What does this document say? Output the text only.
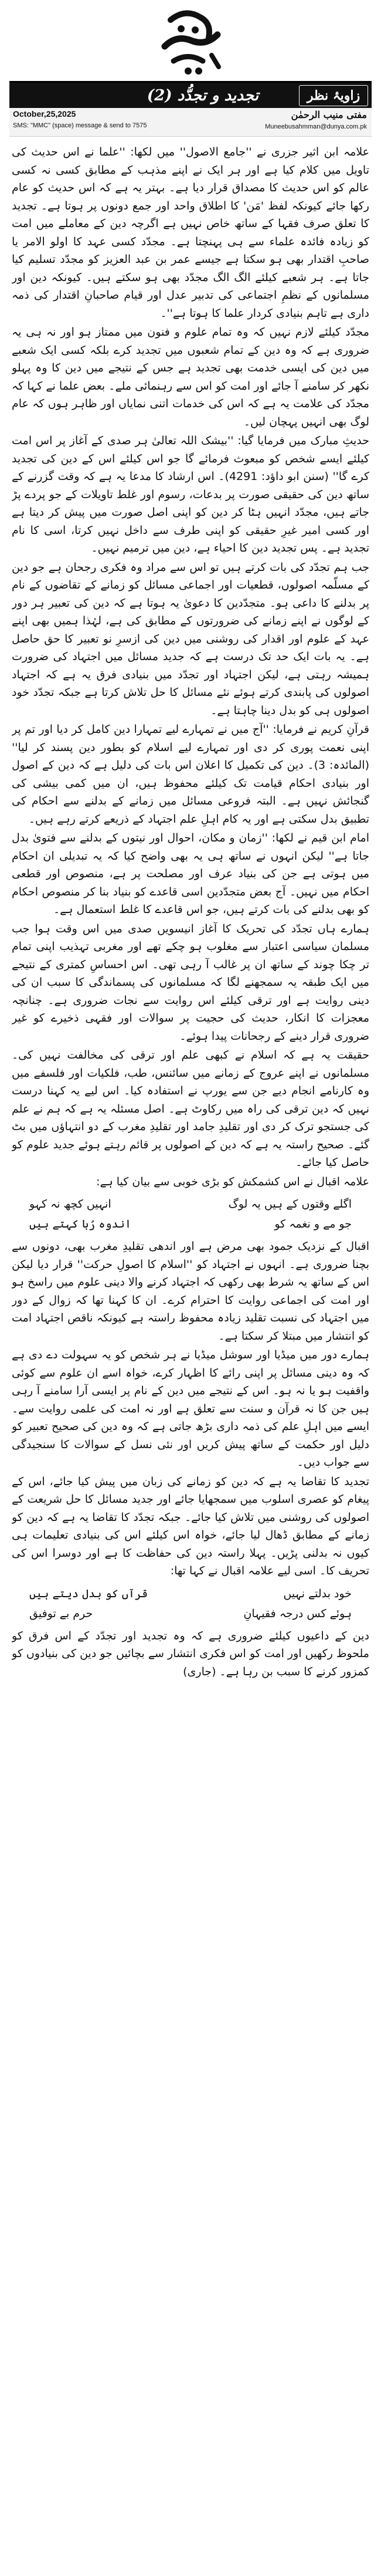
زاویۂ نظر
تجدید و تجدُّد (2)
October,25,2025
SMS: "MMC" (space) message & send to 7575
مفتی منیب الرحمٰن
Muneebusahmman@dunya.com.pk

علامہ ابن اثیر جزری نے ''جامع الاصول'' میں لکھا: ''علما نے اس حدیث کی تاویل میں کلام کیا ہے اور ہر ایک نے اپنے مذہب کے مطابق کسی نہ کسی عالم کو اس حدیث کا مصداق قرار دیا ہے۔ بہتر یہ ہے کہ اس حدیث کو عام رکھا جائے کیونکہ لفظ 'مَن' کا اطلاق واحد اور جمع دونوں پر ہوتا ہے۔ تجدید کا تعلق صرف فقہا کے ساتھ خاص نہیں ہے اگرچہ دین کے معاملے میں امت کو زیادہ فائدہ علماء سے ہی پہنچتا ہے۔ مجدّد کسی عہد کا اولو الامر یا صاحبِ اقتدار بھی ہو سکتا ہے جیسے عمر بن عبد العزیز کو مجدّد تسلیم کیا جاتا ہے۔ ہر شعبے کیلئے الگ الگ مجدّد بھی ہو سکتے ہیں۔ کیونکہ دین اور مسلمانوں کے نظمِ اجتماعی کی تدبیر عدل اور قیام صاحبانِ اقتدار کی ذمہ داری ہے تاہم بنیادی کردار علما کا ہوتا ہے''۔

مجدّد کیلئے لازم نہیں کہ وہ تمام علوم و فنون میں ممتاز ہو اور نہ ہی یہ ضروری ہے کہ وہ دین کے تمام شعبوں میں تجدید کرے بلکہ کسی ایک شعبے میں دین کی ایسی خدمت بھی تجدید ہے جس کے نتیجے میں دین کا وہ پہلو نکھر کر سامنے آ جائے اور امت کو اس سے رہنمائی ملے۔ بعض علما نے کہا کہ مجدّد کی علامت یہ ہے کہ اس کی خدمات اتنی نمایاں اور ظاہر ہوں کہ عام لوگ بھی انہیں پہچان لیں۔

حدیثِ مبارک میں فرمایا گیا: ''بیشک اللہ تعالیٰ ہر صدی کے آغاز پر اس امت کیلئے ایسے شخص کو مبعوث فرمائے گا جو اس کیلئے اس کے دین کی تجدید کرے گا'' (سنن ابو داؤد: 4291)۔ اس ارشاد کا مدعا یہ ہے کہ وقت گزرنے کے ساتھ دین کی حقیقی صورت پر بدعات، رسوم اور غلط تاویلات کے جو پردے پڑ جاتے ہیں، مجدّد انہیں ہٹا کر دین کو اپنی اصل صورت میں پیش کر دیتا ہے اور کسی امیر غیرِ حقیقی کو اپنی طرف سے داخل نہیں کرتا، اسی کا نام تجدید ہے۔ پس تجدید دین کا احیاء ہے، دین میں ترمیم نہیں۔

جب ہم تجدّد کی بات کرتے ہیں تو اس سے مراد وہ فکری رجحان ہے جو دین کے مسلّمہ اصولوں، قطعیات اور اجماعی مسائل کو زمانے کے تقاضوں کے نام پر بدلنے کا داعی ہو۔ متجدّدین کا دعویٰ یہ ہوتا ہے کہ دین کی تعبیر ہر دور کے لوگوں نے اپنے زمانے کی ضرورتوں کے مطابق کی ہے، لہٰذا ہمیں بھی اپنے عہد کے علوم اور اقدار کی روشنی میں دین کی ازسرِ نو تعبیر کا حق حاصل ہے۔ یہ بات ایک حد تک درست ہے کہ جدید مسائل میں اجتہاد کی ضرورت ہمیشہ رہتی ہے، لیکن اجتہاد اور تجدّد میں بنیادی فرق یہ ہے کہ اجتہاد اصولوں کی پابندی کرتے ہوئے نئے مسائل کا حل تلاش کرتا ہے جبکہ تجدّد خود اصولوں ہی کو بدل دینا چاہتا ہے۔

قرآنِ کریم نے فرمایا: ''آج میں نے تمہارے لیے تمہارا دین کامل کر دیا اور تم پر اپنی نعمت پوری کر دی اور تمہارے لیے اسلام کو بطور دین پسند کر لیا'' (المائدہ: 3)۔ دین کی تکمیل کا اعلان اس بات کی دلیل ہے کہ دین کے اصول اور بنیادی احکام قیامت تک کیلئے محفوظ ہیں، ان میں کمی بیشی کی گنجائش نہیں ہے۔ البتہ فروعی مسائل میں زمانے کے بدلنے سے احکام کی تطبیق بدل سکتی ہے اور یہ کام اہلِ علم اجتہاد کے ذریعے کرتے رہے ہیں۔

امام ابن قیم نے لکھا: ''زمان و مکان، احوال اور نیتوں کے بدلنے سے فتویٰ بدل جاتا ہے'' لیکن انہوں نے ساتھ ہی یہ بھی واضح کیا کہ یہ تبدیلی ان احکام میں ہوتی ہے جن کی بنیاد عرف اور مصلحت پر ہے، منصوص اور قطعی احکام میں نہیں۔ آج بعض متجدّدین اسی قاعدے کو بنیاد بنا کر منصوص احکام کو بھی بدلنے کی بات کرتے ہیں، جو اس قاعدے کا غلط استعمال ہے۔

ہمارے ہاں تجدّد کی تحریک کا آغاز انیسویں صدی میں اس وقت ہوا جب مسلمان سیاسی اعتبار سے مغلوب ہو چکے تھے اور مغربی تہذیب اپنی تمام تر چکا چوند کے ساتھ ان پر غالب آ رہی تھی۔ اس احساسِ کمتری کے نتیجے میں ایک طبقہ یہ سمجھنے لگا کہ مسلمانوں کی پسماندگی کا سبب ان کی دینی روایت ہے اور ترقی کیلئے اس روایت سے نجات ضروری ہے۔ چنانچہ معجزات کا انکار، حدیث کی حجیت پر سوالات اور فقہی ذخیرے کو غیر ضروری قرار دینے کے رجحانات پیدا ہوئے۔

حقیقت یہ ہے کہ اسلام نے کبھی علم اور ترقی کی مخالفت نہیں کی۔ مسلمانوں نے اپنے عروج کے زمانے میں سائنس، طب، فلکیات اور فلسفے میں وہ کارنامے انجام دیے جن سے یورپ نے استفادہ کیا۔ اس لیے یہ کہنا درست نہیں کہ دین ترقی کی راہ میں رکاوٹ ہے۔ اصل مسئلہ یہ ہے کہ ہم نے علم کی جستجو ترک کر دی اور تقلیدِ جامد اور تقلیدِ مغرب کے دو انتہاؤں میں بٹ گئے۔ صحیح راستہ یہ ہے کہ دین کے اصولوں پر قائم رہتے ہوئے جدید علوم کو حاصل کیا جائے۔

علامہ اقبال نے اس کشمکش کو بڑی خوبی سے بیان کیا ہے:

اگلے وقتوں کے ہیں یہ لوگ
انہیں کچھ نہ کہو
جو مے و نغمہ کو
اندوہ رُبا کہتے ہیں

اقبال کے نزدیک جمود بھی مرض ہے اور اندھی تقلیدِ مغرب بھی، دونوں سے بچنا ضروری ہے۔ انہوں نے اجتہاد کو ''اسلام کا اصولِ حرکت'' قرار دیا لیکن اس کے ساتھ یہ شرط بھی رکھی کہ اجتہاد کرنے والا دینی علوم میں راسخ ہو اور امت کی اجماعی روایت کا احترام کرے۔ ان کا کہنا تھا کہ زوال کے دور میں اجتہاد کی نسبت تقلید زیادہ محفوظ راستہ ہے کیونکہ ناقص اجتہاد امت کو انتشار میں مبتلا کر سکتا ہے۔

ہمارے دور میں میڈیا اور سوشل میڈیا نے ہر شخص کو یہ سہولت دے دی ہے کہ وہ دینی مسائل پر اپنی رائے کا اظہار کرے، خواہ اسے ان علوم سے کوئی واقفیت ہو یا نہ ہو۔ اس کے نتیجے میں دین کے نام پر ایسی آرا سامنے آ رہی ہیں جن کا نہ قرآن و سنت سے تعلق ہے اور نہ امت کی علمی روایت سے۔ ایسے میں اہلِ علم کی ذمہ داری بڑھ جاتی ہے کہ وہ دین کی صحیح تعبیر کو دلیل اور حکمت کے ساتھ پیش کریں اور نئی نسل کے سوالات کا سنجیدگی سے جواب دیں۔

تجدید کا تقاضا یہ ہے کہ دین کو زمانے کی زبان میں پیش کیا جائے، اس کے پیغام کو عصری اسلوب میں سمجھایا جائے اور جدید مسائل کا حل شریعت کے اصولوں کی روشنی میں تلاش کیا جائے۔ جبکہ تجدّد کا تقاضا یہ ہے کہ دین کو زمانے کے مطابق ڈھال لیا جائے، خواہ اس کیلئے اس کی بنیادی تعلیمات ہی کیوں نہ بدلنی پڑیں۔ پہلا راستہ دین کی حفاظت کا ہے اور دوسرا اس کی تحریف کا۔ اسی لیے علامہ اقبال نے کہا تھا:

خود بدلتے نہیں
قرآں کو بدل دیتے ہیں
ہوئے کس درجہ فقیہانِ
حرم بے توفیق

دین کے داعیوں کیلئے ضروری ہے کہ وہ تجدید اور تجدّد کے اس فرق کو ملحوظ رکھیں اور امت کو اس فکری انتشار سے بچائیں جو دین کی بنیادوں کو کمزور کرنے کا سبب بن رہا ہے۔ (جاری)
